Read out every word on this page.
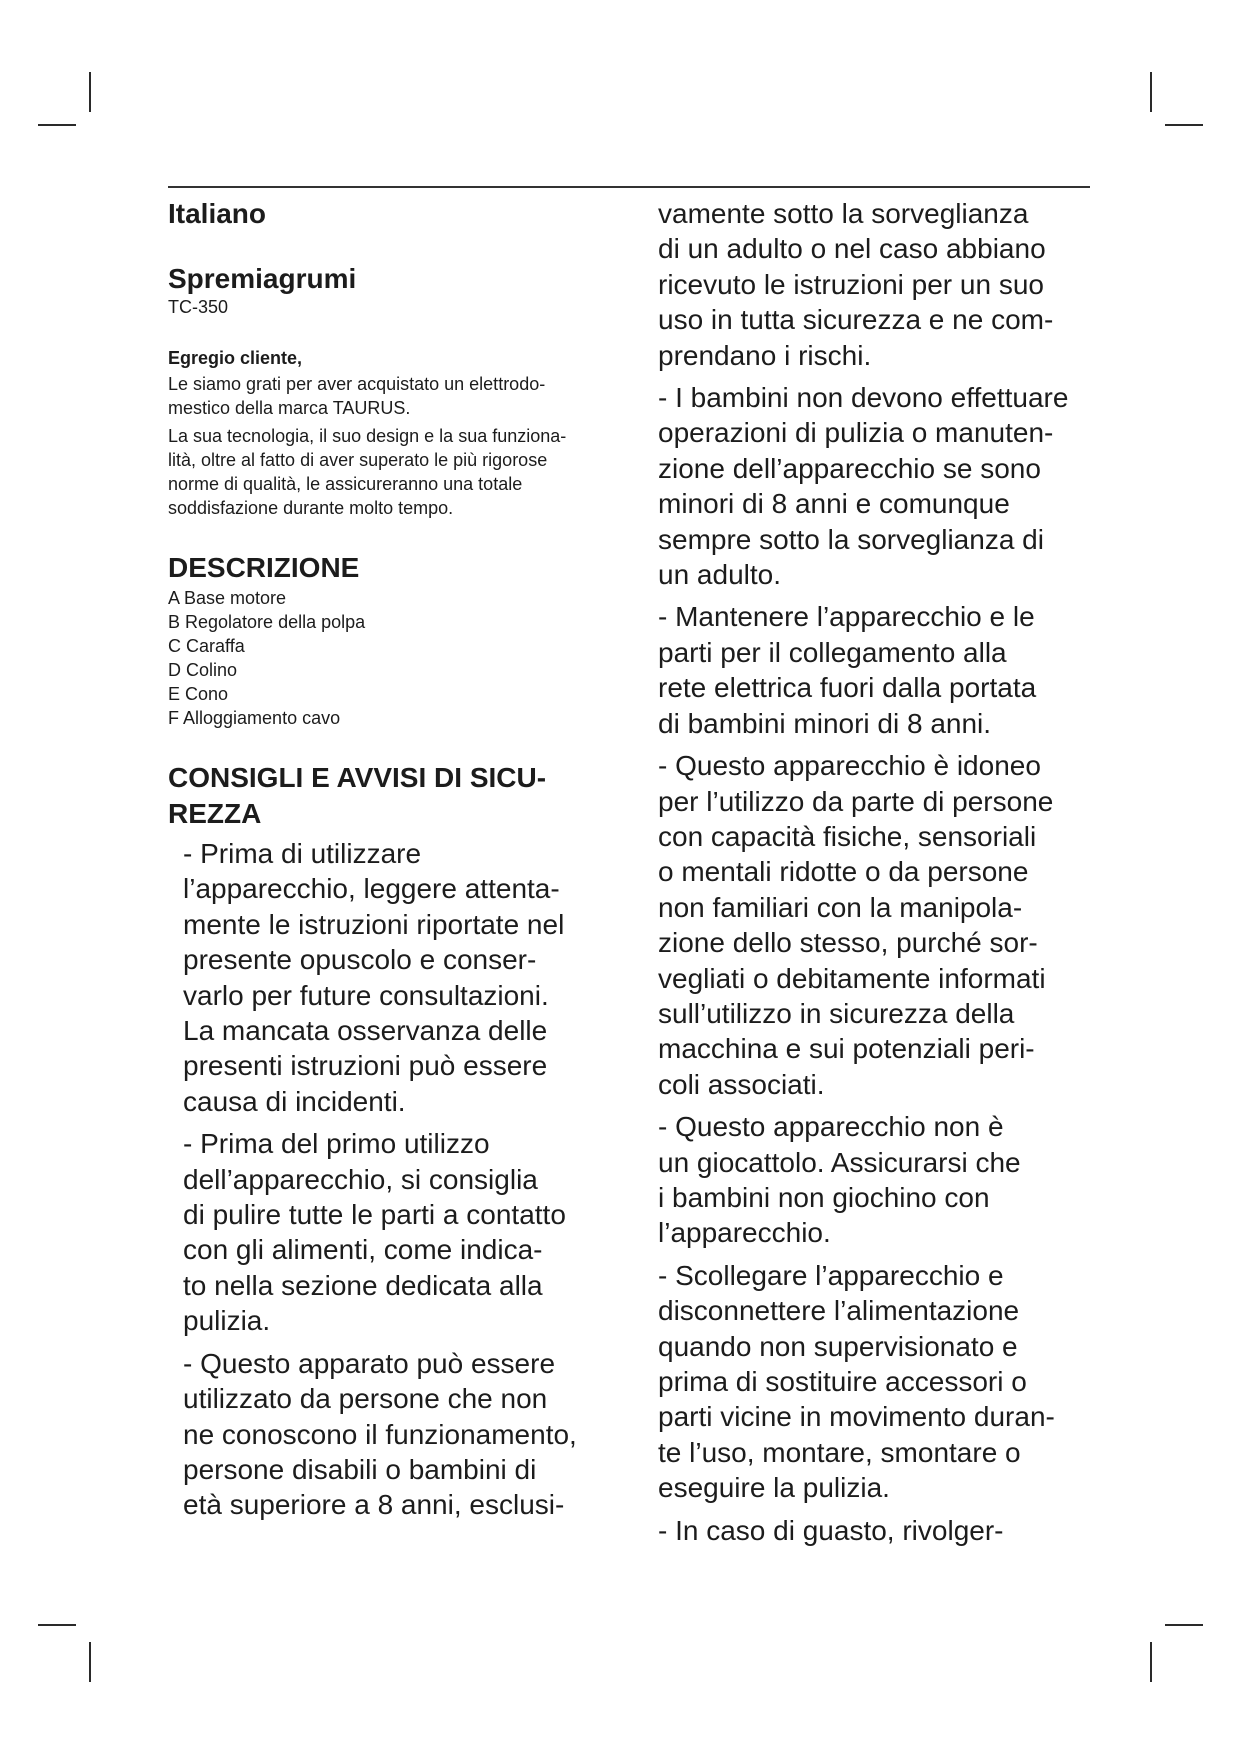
Italiano
Spremiagrumi
TC-350
Egregio cliente,

Le siamo grati per aver acquistato un elettrodo-
mestico della marca TAURUS.

La sua tecnologia, il suo design e la sua funziona-
lità, oltre al fatto di aver superato le più rigorose
norme di qualità, le assicureranno una totale
soddisfazione durante molto tempo.

DESCRIZIONE
A Base motore
B Regolatore della polpa
C Caraffa
D Colino
E Cono
F Alloggiamento cavo
CONSIGLI E AVVISI DI SICU-
REZZA

- Prima di utilizzare
l’apparecchio, leggere attenta-
mente le istruzioni riportate nel
presente opuscolo e conser-
varlo per future consultazioni.
La mancata osservanza delle
presenti istruzioni può essere
causa di incidenti.

- Prima del primo utilizzo
dell’apparecchio, si consiglia
di pulire tutte le parti a contatto
con gli alimenti, come indica-
to nella sezione dedicata alla
pulizia.

- Questo apparato può essere
utilizzato da persone che non
ne conoscono il funzionamento,
persone disabili o bambini di
età superiore a 8 anni, esclusi-

vamente sotto la sorveglianza
di un adulto o nel caso abbiano
ricevuto le istruzioni per un suo
uso in tutta sicurezza e ne com-
prendano i rischi.

- I bambini non devono effettuare
operazioni di pulizia o manuten-
zione dell’apparecchio se sono
minori di 8 anni e comunque
sempre sotto la sorveglianza di
un adulto.

- Mantenere l’apparecchio e le
parti per il collegamento alla
rete elettrica fuori dalla portata
di bambini minori di 8 anni.

- Questo apparecchio è idoneo
per l’utilizzo da parte di persone
con capacità fisiche, sensoriali
o mentali ridotte o da persone
non familiari con la manipola-
zione dello stesso, purché sor-
vegliati o debitamente informati
sull’utilizzo in sicurezza della
macchina e sui potenziali peri-
coli associati.

- Questo apparecchio non è
un giocattolo. Assicurarsi che
i bambini non giochino con
l’apparecchio.

- Scollegare l’apparecchio e
disconnettere l’alimentazione
quando non supervisionato e
prima di sostituire accessori o
parti vicine in movimento duran-
te l’uso, montare, smontare o
eseguire la pulizia.

- In caso di guasto, rivolger-
